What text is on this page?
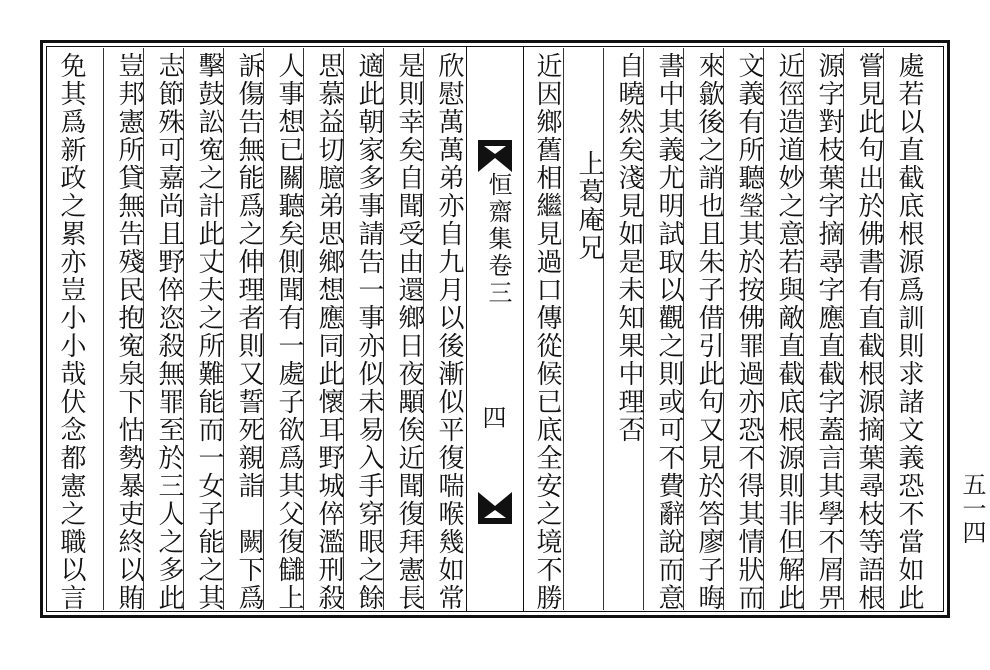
處若以直截底根源爲訓則求諸文義恐不當如此
嘗見此句出於佛書有直截根源摘葉尋枝等語根
源字對枝葉字摘尋字應直截字蓋言其學不屑畀
近徑造道妙之意若與敵直截底根源則非但解此
文義有所聽瑩其於按佛罪過亦恐不得其情狀而
來歙後之誚也且朱子借引此句又見於答廖子晦
書中其義尤明試取以觀之則或可不費辭說而意
自曉然矣淺見如是未知果中理否
上葛庵兄
恒齋集卷三
四 近因鄉舊相繼見過口傳從候已底全安之境不勝
欣慰萬萬弟亦自九月以後漸似平復喘喉幾如常
是則幸矣自聞受由還鄉日夜顒俟近聞復拜憲長
適此朝家多事請告一事亦似未易入手穿眼之餘
思慕益切臆弟思鄉想應同此懷耳野城倅濫刑殺
人事想已關聽矣側聞有一處子欲爲其父復讎上
訴傷告無能爲之伸理者則又誓死親詣　闕下爲
擊鼓訟寃之計此丈夫之所難能而一女子能之其
志節殊可嘉尚且野倅恣殺無罪至於三人之多此
豈邦憲所貸無告殘民抱寃泉下怙勢暴吏終以賄
免其爲新政之累亦豈小小哉伏念都憲之職以言	五一四
